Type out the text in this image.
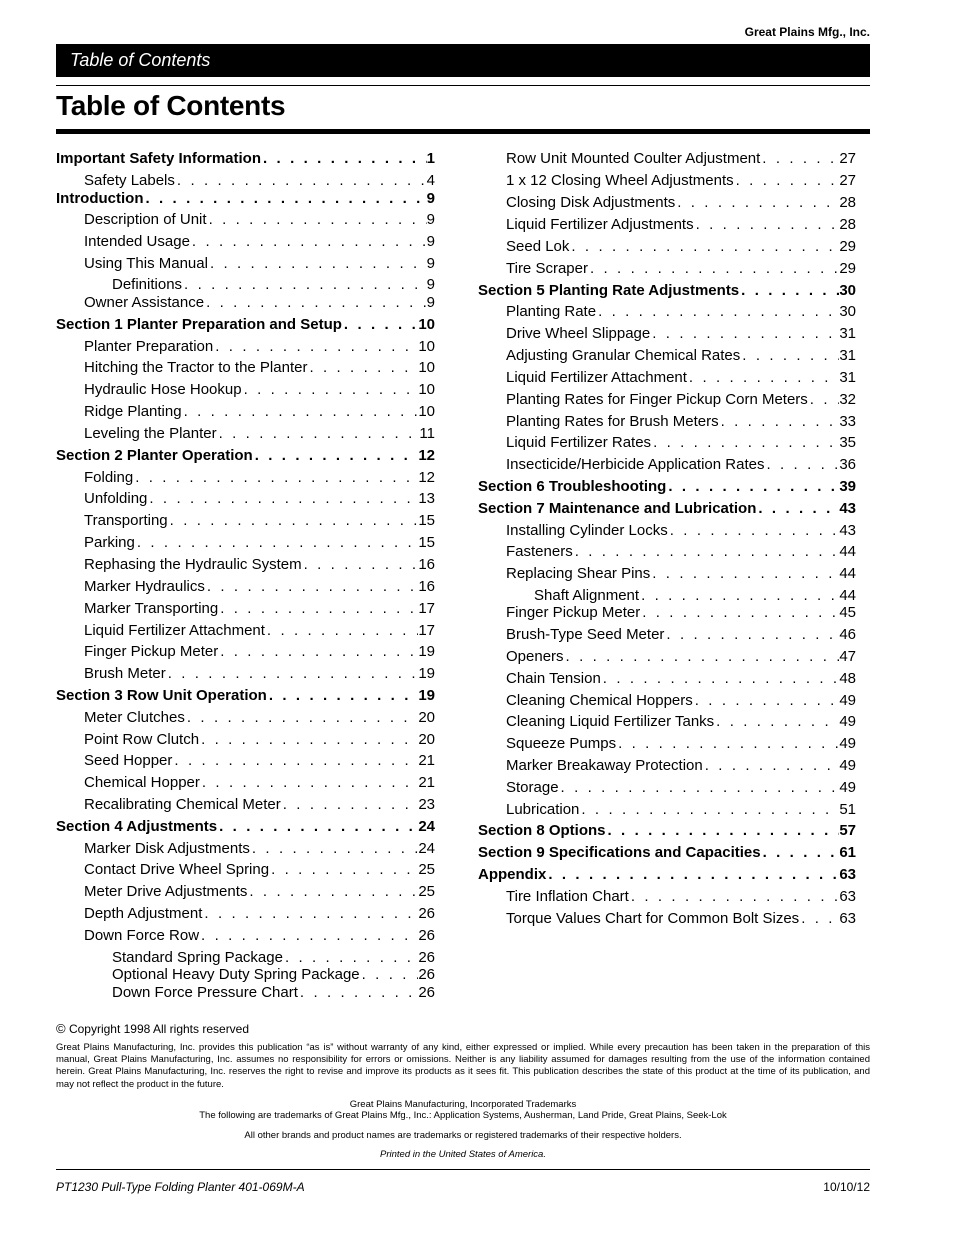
Great Plains Mfg., Inc.
Table of Contents
Table of Contents
Important Safety Information . . .	1
Safety Labels . . .	4
Introduction . . .	9
Description of Unit . . .	9
Intended Usage . . .	9
Using This Manual . . .	9
Definitions . . .	9
Owner Assistance . . .	9
Section 1 Planter Preparation and Setup . . .	10
Planter Preparation . . .	10
Hitching the Tractor to the Planter . . .	10
Hydraulic Hose Hookup . . .	10
Ridge Planting . . .	10
Leveling the Planter . . .	11
Section 2 Planter Operation . . .	12
Folding . . .	12
Unfolding . . .	13
Transporting . . .	15
Parking . . .	15
Rephasing the Hydraulic System . . .	16
Marker Hydraulics . . .	16
Marker Transporting . . .	17
Liquid Fertilizer Attachment . . .	17
Finger Pickup Meter . . .	19
Brush Meter . . .	19
Section 3 Row Unit Operation . . .	19
Meter Clutches . . .	20
Point Row Clutch . . .	20
Seed Hopper . . .	21
Chemical Hopper . . .	21
Recalibrating Chemical Meter . . .	23
Section 4 Adjustments . . .	24
Marker Disk Adjustments . . .	24
Contact Drive Wheel Spring . . .	25
Meter Drive Adjustments . . .	25
Depth Adjustment . . .	26
Down Force Row . . .	26
Standard Spring Package . . .	26
Optional Heavy Duty Spring Package . . .	26
Down Force Pressure Chart . . .	26
Row Unit Mounted Coulter Adjustment . . .	27
1 x 12 Closing Wheel Adjustments . . .	27
Closing Disk Adjustments . . .	28
Liquid Fertilizer Adjustments . . .	28
Seed Lok . . .	29
Tire Scraper . . .	29
Section 5 Planting Rate Adjustments . . .	30
Planting Rate . . .	30
Drive Wheel Slippage . . .	31
Adjusting Granular Chemical Rates . . .	31
Liquid Fertilizer Attachment . . .	31
Planting Rates for Finger Pickup Corn Meters . . . 32
Planting Rates for Brush Meters . . .	33
Liquid Fertilizer Rates . . .	35
Insecticide/Herbicide Application Rates . . .	36
Section 6 Troubleshooting . . .	39
Section 7 Maintenance and Lubrication . . .	43
Installing Cylinder Locks . . .	43
Fasteners . . .	44
Replacing Shear Pins . . .	44
Shaft Alignment . . .	44
Finger Pickup Meter . . .	45
Brush-Type Seed Meter . . .	46
Openers . . .	47
Chain Tension . . .	48
Cleaning Chemical Hoppers . . .	49
Cleaning Liquid Fertilizer Tanks . . .	49
Squeeze Pumps . . .	49
Marker Breakaway Protection . . .	49
Storage . . .	49
Lubrication . . .	51
Section 8 Options . . .	57
Section 9 Specifications and Capacities . . .	61
Appendix . . .	63
Tire Inflation Chart . . .	63
Torque Values Chart for Common Bolt Sizes . . .	63
© Copyright 1998 All rights reserved
Great Plains Manufacturing, Inc. provides this publication “as is” without warranty of any kind, either expressed or implied. While every precaution has been taken in the preparation of this manual, Great Plains Manufacturing, Inc. assumes no responsibility for errors or omissions. Neither is any liability assumed for damages resulting from the use of the information contained herein. Great Plains Manufacturing, Inc. reserves the right to revise and improve its products as it sees fit. This publication describes the state of this product at the time of its publication, and may not reflect the product in the future.
Great Plains Manufacturing, Incorporated Trademarks
The following are trademarks of Great Plains Mfg., Inc.: Application Systems, Ausherman, Land Pride, Great Plains, Seek-Lok
All other brands and product names are trademarks or registered trademarks of their respective holders.
Printed in the United States of America.
PT1230 Pull-Type Folding Planter 401-069M-A	10/10/12
